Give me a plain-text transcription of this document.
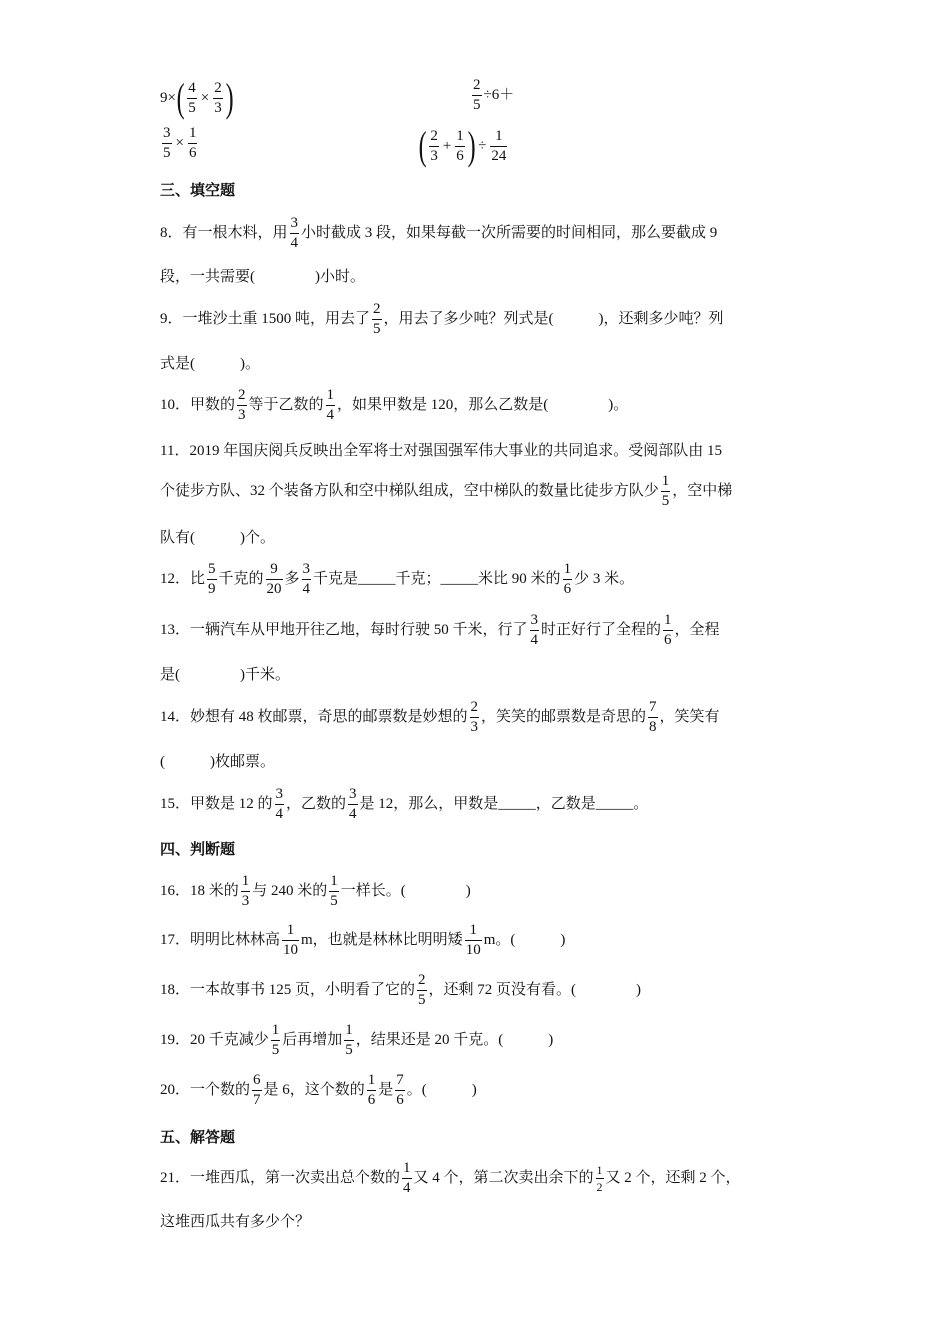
9× ( $\frac{4}{5} \times \frac{2}{3}$ )	$\frac{2}{5} \div 6+$
$\frac{3}{5} \times \frac{1}{6}$	( $\frac{2}{3} + \frac{1}{6}$ ) ÷ $\frac{1}{24}$
三、填空题
8．有一根木料，用 $\frac{3}{4}$ 小时截成 3 段，如果每截一次所需要的时间相同，那么要截成 9
段，一共需要(　　　　)小时。
9．一堆沙土重 1500 吨，用去了 $\frac{2}{5}$ ，用去了多少吨？列式是(　　　)，还剩多少吨？列
式是(　　　)。
10．甲数的 $\frac{2}{3}$ 等于乙数的 $\frac{1}{4}$ ，如果甲数是 120，那么乙数是(　　　　)。
11．2019 年国庆阅兵反映出全军将士对强国强军伟大事业的共同追求。受阅部队由 15
个徒步方队、32 个装备方队和空中梯队组成，空中梯队的数量比徒步方队少 $\frac{1}{5}$ ，空中梯
队有(　　　)个。
12．比 $\frac{5}{9}$ 千克的 $\frac{9}{20}$ 多 $\frac{3}{4}$ 千克是_____千克；_____米比 90 米的 $\frac{1}{6}$ 少 3 米。
13．一辆汽车从甲地开往乙地，每时行驶 50 千米，行了 $\frac{3}{4}$ 时正好行了全程的 $\frac{1}{6}$ ，全程
是(　　　　)千米。
14．妙想有 48 枚邮票，奇思的邮票数是妙想的 $\frac{2}{3}$ ，笑笑的邮票数是奇思的 $\frac{7}{8}$ ，笑笑有
(　　　)枚邮票。
15．甲数是 12 的 $\frac{3}{4}$ ，乙数的 $\frac{3}{4}$ 是 12，那么，甲数是_____，乙数是_____。
四、判断题
16．18 米的 $\frac{1}{3}$ 与 240 米的 $\frac{1}{5}$ 一样长。(　　　　)
17．明明比林林高 $\frac{1}{10}$ m，也就是林林比明明矮 $\frac{1}{10}$ m。(　　　)
18．一本故事书 125 页，小明看了它的 $\frac{2}{5}$ ，还剩 72 页没有看。(　　　　)
19．20 千克减少 $\frac{1}{5}$ 后再增加 $\frac{1}{5}$ ，结果还是 20 千克。(　　　)
20．一个数的 $\frac{6}{7}$ 是 6，这个数的 $\frac{1}{6}$ 是 $\frac{7}{6}$ 。(　　　)
五、解答题
21．一堆西瓜，第一次卖出总个数的 $\frac{1}{4}$ 又 4 个，第二次卖出余下的 $\frac{1}{2}$ 又 2 个，还剩 2 个，
这堆西瓜共有多少个？
